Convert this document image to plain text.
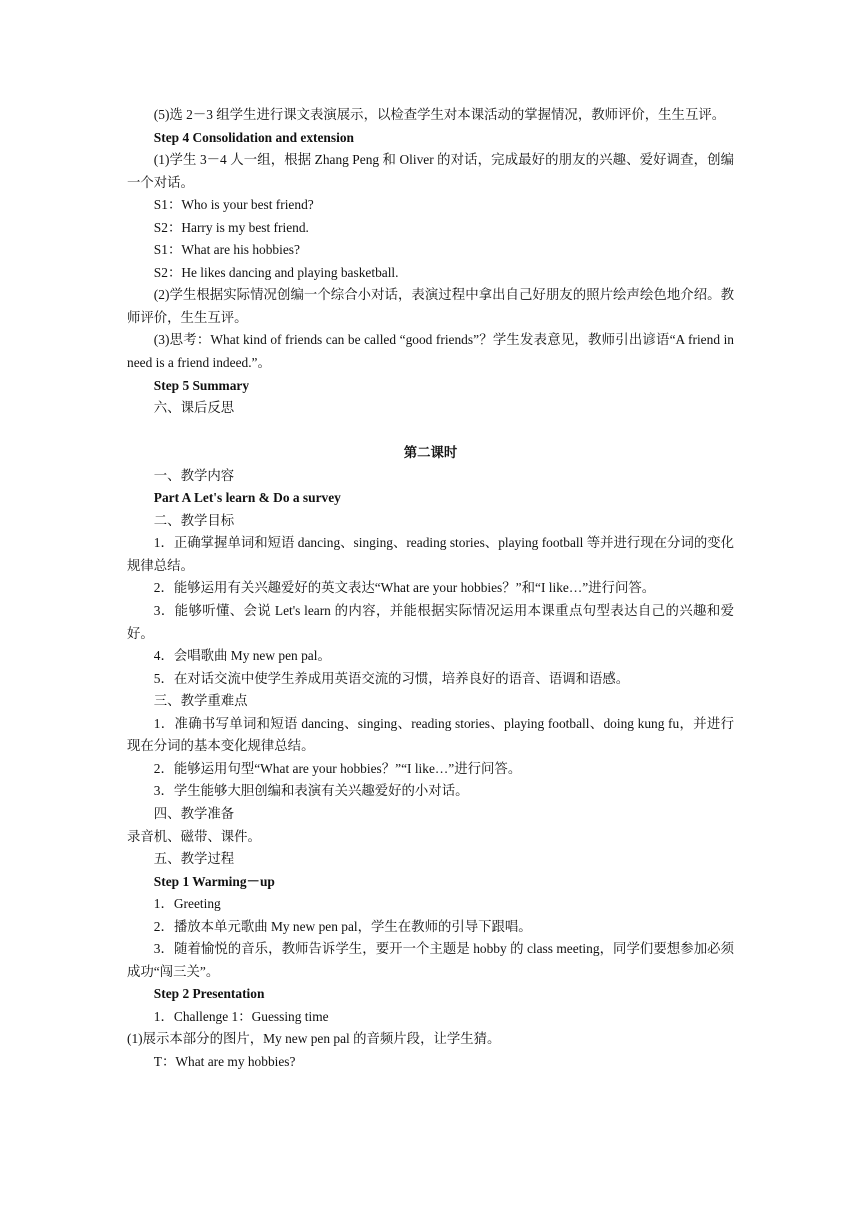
(5)选 2－3 组学生进行课文表演展示，以检查学生对本课活动的掌握情况，教师评价，生生互评。

Step 4 Consolidation and extension

(1)学生 3－4 人一组，根据 Zhang Peng 和 Oliver 的对话，完成最好的朋友的兴趣、爱好调查，创编一个对话。

S1：Who is your best friend?

S2：Harry is my best friend.

S1：What are his hobbies?

S2：He likes dancing and playing basketball.

(2)学生根据实际情况创编一个综合小对话，表演过程中拿出自己好朋友的照片绘声绘色地介绍。教师评价，生生互评。

(3)思考：What kind of friends can be called “good friends”？学生发表意见，教师引出谚语“A friend in need is a friend indeed.”。

Step 5 Summary

六、课后反思

第二课时

一、教学内容

Part A Let's learn & Do a survey

二、教学目标

1．正确掌握单词和短语 dancing、singing、reading stories、playing football 等并进行现在分词的变化规律总结。

2．能够运用有关兴趣爱好的英文表达“What are your hobbies？”和“I like…”进行问答。

3．能够听懂、会说 Let's learn 的内容，并能根据实际情况运用本课重点句型表达自己的兴趣和爱好。

4．会唱歌曲 My new pen pal。

5．在对话交流中使学生养成用英语交流的习惯，培养良好的语音、语调和语感。

三、教学重难点

1．准确书写单词和短语 dancing、singing、reading stories、playing football、doing kung fu，并进行现在分词的基本变化规律总结。

2．能够运用句型“What are your hobbies？”“I like…”进行问答。

3．学生能够大胆创编和表演有关兴趣爱好的小对话。

四、教学准备

录音机、磁带、课件。

五、教学过程

Step 1 Warming－up

1．Greeting

2．播放本单元歌曲 My new pen pal，学生在教师的引导下跟唱。

3．随着愉悦的音乐，教师告诉学生，要开一个主题是 hobby 的 class meeting，同学们要想参加必须成功“闯三关”。

Step 2 Presentation

1．Challenge 1：Guessing time

(1)展示本部分的图片，My new pen pal 的音频片段，让学生猜。

T：What are my hobbies?
